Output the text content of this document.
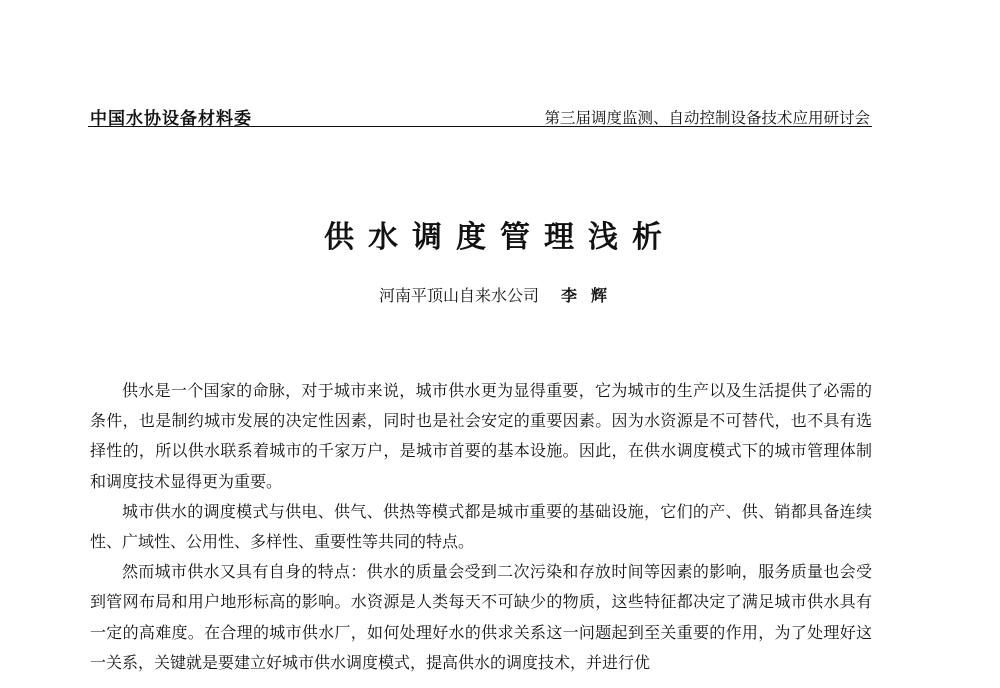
中国水协设备材料委	第三届调度监测、自动控制设备技术应用研讨会
供水调度管理浅析
河南平顶山自来水公司 李辉

供水是一个国家的命脉，对于城市来说，城市供水更为显得重要，它为城市的生产以及生活提供了必需的条件，也是制约城市发展的决定性因素，同时也是社会安定的重要因素。因为水资源是不可替代，也不具有选择性的，所以供水联系着城市的千家万户，是城市首要的基本设施。因此，在供水调度模式下的城市管理体制和调度技术显得更为重要。

城市供水的调度模式与供电、供气、供热等模式都是城市重要的基础设施，它们的产、供、销都具备连续性、广域性、公用性、多样性、重要性等共同的特点。

然而城市供水又具有自身的特点：供水的质量会受到二次污染和存放时间等因素的影响，服务质量也会受到管网布局和用户地形标高的影响。水资源是人类每天不可缺少的物质，这些特征都决定了满足城市供水具有一定的高难度。在合理的城市供水厂，如何处理好水的供求关系这一问题起到至关重要的作用，为了处理好这一关系，关键就是要建立好城市供水调度模式，提高供水的调度技术，并进行优
